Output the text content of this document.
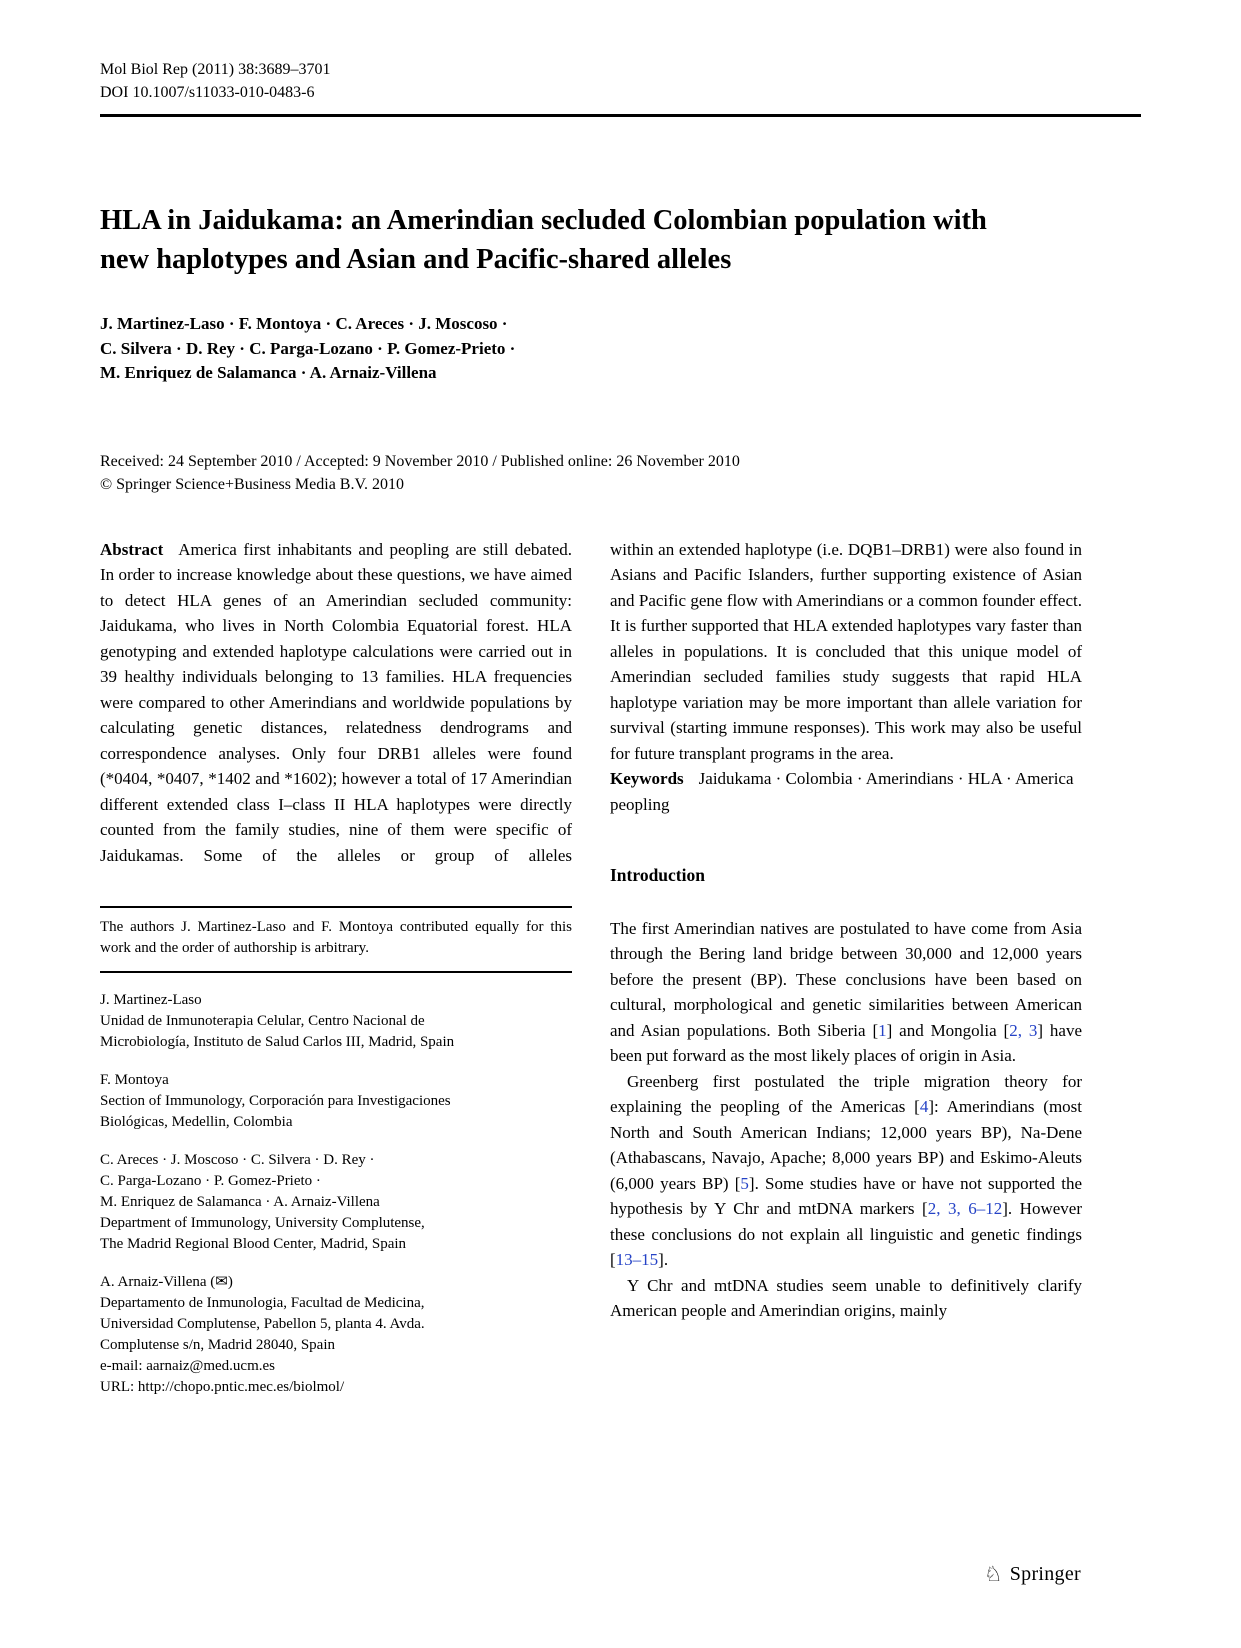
Mol Biol Rep (2011) 38:3689–3701
DOI 10.1007/s11033-010-0483-6
HLA in Jaidukama: an Amerindian secluded Colombian population with new haplotypes and Asian and Pacific-shared alleles
J. Martinez-Laso · F. Montoya · C. Areces · J. Moscoso ·
C. Silvera · D. Rey · C. Parga-Lozano · P. Gomez-Prieto ·
M. Enriquez de Salamanca · A. Arnaiz-Villena
Received: 24 September 2010 / Accepted: 9 November 2010 / Published online: 26 November 2010
© Springer Science+Business Media B.V. 2010

Abstract America first inhabitants and peopling are still debated. In order to increase knowledge about these questions, we have aimed to detect HLA genes of an Amerindian secluded community: Jaidukama, who lives in North Colombia Equatorial forest. HLA genotyping and extended haplotype calculations were carried out in 39 healthy individuals belonging to 13 families. HLA frequencies were compared to other Amerindians and worldwide populations by calculating genetic distances, relatedness dendrograms and correspondence analyses. Only four DRB1 alleles were found (*0404, *0407, *1402 and *1602); however a total of 17 Amerindian different extended class I–class II HLA haplotypes were directly counted from the family studies, nine of them were specific of Jaidukamas. Some of the alleles or group of alleles

The authors J. Martinez-Laso and F. Montoya contributed equally for this work and the order of authorship is arbitrary.

J. Martinez-Laso
Unidad de Inmunoterapia Celular, Centro Nacional de
Microbiología, Instituto de Salud Carlos III, Madrid, Spain
F. Montoya
Section of Immunology, Corporación para Investigaciones
Biológicas, Medellin, Colombia
C. Areces · J. Moscoso · C. Silvera · D. Rey ·
C. Parga-Lozano · P. Gomez-Prieto ·
M. Enriquez de Salamanca · A. Arnaiz-Villena
Department of Immunology, University Complutense,
The Madrid Regional Blood Center, Madrid, Spain
A. Arnaiz-Villena (✉)
Departamento de Inmunologia, Facultad de Medicina,
Universidad Complutense, Pabellon 5, planta 4. Avda.
Complutense s/n, Madrid 28040, Spain
e-mail: aarnaiz@med.ucm.es
URL: http://chopo.pntic.mec.es/biolmol/

within an extended haplotype (i.e. DQB1–DRB1) were also found in Asians and Pacific Islanders, further supporting existence of Asian and Pacific gene flow with Amerindians or a common founder effect. It is further supported that HLA extended haplotypes vary faster than alleles in populations. It is concluded that this unique model of Amerindian secluded families study suggests that rapid HLA haplotype variation may be more important than allele variation for survival (starting immune responses). This work may also be useful for future transplant programs in the area.

Keywords Jaidukama · Colombia · Amerindians · HLA · America peopling

Introduction

The first Amerindian natives are postulated to have come from Asia through the Bering land bridge between 30,000 and 12,000 years before the present (BP). These conclusions have been based on cultural, morphological and genetic similarities between American and Asian populations. Both Siberia [1] and Mongolia [2, 3] have been put forward as the most likely places of origin in Asia.

Greenberg first postulated the triple migration theory for explaining the peopling of the Americas [4]: Amerindians (most North and South American Indians; 12,000 years BP), Na-Dene (Athabascans, Navajo, Apache; 8,000 years BP) and Eskimo-Aleuts (6,000 years BP) [5]. Some studies have or have not supported the hypothesis by Y Chr and mtDNA markers [2, 3, 6–12]. However these conclusions do not explain all linguistic and genetic findings [13–15].

Y Chr and mtDNA studies seem unable to definitively clarify American people and Amerindian origins, mainly

♘ Springer
